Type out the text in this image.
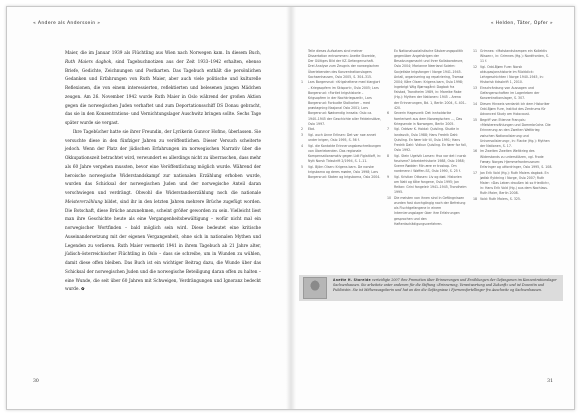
« Andere als Anderssein »

Maier, die im Januar 1939 als Flüchtling aus Wien nach Norwegen kam. In diesem Buch, Ruth Maiers dagbok, sind Tagebuchnotizen aus der Zeit 1933–1942 erhalten, ebenso Briefe, Gedichte, Zeichnungen und Postkarten. Das Tagebuch enthält die persönlichen Gedanken und Erfahrungen von Ruth Maier, aber auch viele politische und kulturelle Reflexionen, die von einem interessierten, reflektierten und belesenen jungen Mädchen zeugen. Am 26. November 1942 wurde Ruth Maier in Oslo während der großen Aktion gegen die norwegischen Juden verhaftet und zum Deportationsschiff DS Donau gebracht, das sie in den Konzentrations- und Vernichtungslager Auschwitz bringen sollte. Sechs Tage später wurde sie vergast.

Ihre Tagebücher hatte sie ihrer Freundin, der Lyrikerin Gunvor Hofmo, überlassen. Sie versuchte diese in den fünfziger Jahren zu veröffentlichen. Dieser Versuch scheiterte jedoch. Wenn der Platz der jüdischen Erfahrungen im norwegischen Narrativ über die Okkupationszeit betrachtet wird, verwundert es allerdings nicht zu überraschen, dass mehr als 60 Jahre vergehen mussten, bevor eine Veröffentlichung möglich wurde. Während der heroische norwegische Widerstandskampf zur nationalen Erzählung erhoben wurde, wurden das Schicksal der norwegischen Juden und der norwegische Anteil daran verschwiegen und verdrängt. Obwohl die Widerstandserzählung noch die nationale Meistererzählung bildet, sind ihr in den letzten Jahren mehrere Brüche zugefügt worden. Die Botschaft, diese Brüche anzunehmen, scheint größer geworden zu sein. Vielleicht liest man ihre Geschichte heute als eine Vergangenheitsbewältigung – wofür nicht mal ein norwegischer Wortfinden – bald möglich sein wird. Diese bedeutet eine kritische Auseinandersetzung mit der eigenen Vergangenheit, ohne sich in nationalen Mythen und Legenden zu verlieren. Ruth Maier vermerkt 1941 in ihrem Tagebuch ab 21 Jahre alter, jüdisch-österreichischer Flüchtling in Oslo – dass sie schreibe, um in Wunden zu wühlen, damit diese offen bleiben. Das Buch ist ein wichtiger Beitrag dazu, die Wunde über das Schicksal der norwegischen Juden und die norwegische Beteiligung daran offen zu halten – eine Wunde, die seit über 60 Jahren mit Schweigen, Verdrängungen und Ignoranz bedeckt wurde. ✿

30
« Helden, Täter, Opfer »
Teile dieses Aufsatzes sind meiner Dissertation entnommen: Anette Storeide, Der Gültiges Bild der KZ-Gefangenschaft. Drei Analyse zum Zeugnis der norwegischen Überlebenden des Konzentrationslagers Sachsenhausen, Oslo 2005, S. 304–315.
1 Lars Borgersrud: «Krigsheltene med klargjort – Kriegsopfern im Skisport», Oslo 2005; Lars Borgersrud: «Fortiet krigshistorie – Krigsopfern in der Nachkriegszeit», Lars Borgersrud: Forbudte Stolkarker – med prøvtagning Nasjonal Oslo 2001; Lars Borgersrud: Nødvendig innsats: Oslo ca. 1940–1945 der Geschichte aller Feldeinsätze, Oslo 1997.
2 Ebd.
3 Vgl. auch Anne Eriksen: Det var noe annet under krigen, Oslo 1995, S. 56 f.
4 Vgl. die Kontakte Erinnerungsbeschreibungen von Überlebenden. Das regionale Kompensationsmotiv gegen Lidt Figlaitloff, in: Nytt Norsk Tidsskrift 2/1994, S. 1–11.
5 Vgl. Björn Olsen: Krigens barn. De norske krigsbarna og deres mødre, Oslo 1998; Lars Borgersrud: Staten og krigsbarna, Oslo 2004.
Ex Nationalsozialistische Säuberungspolitik gegenüber Angehörigen der Besatzungsmacht und ihrer Kollaborateure, Oslo 2004; Marianne Neerland Soleim: Sovjetiske krigsfanger i Norge 1941–1945. Antall, organisering og repatriering, Tromsø 2004; Kåre Olsen: Krigens barn, Oslo 1998; Ingebrigt Wiig Bjørnsgård: Dagbok fra Falstad, Trondheim 1989, in: Mareike Rake (Hg.): Mythen der Nationen: 1945 – Arena der Erinnerungen, Bd. 1, Berlin 2004, S. 401–420.
6 Severin Hagesveit: Det innholdsrike foerlerisert aus dem Norwegischen …, Das Kriegsende in Norwegen, Berlin 2005.
7 Vgl. Oddvar K. Hoidal: Quisling. Studie in landssvik, Oslo 1988; Hans Fredrik Dahl: Quisling. En fører blir til, Oslo 1991; Hans Fredrik Dahl: Vidkun Quisling. En fører for fall, Oslo 1992.
8 Vgl. Stein Ugelvik Larsen: Hva var det i norsk fascisme? Arbeiderhistorie 1988, Oslo 1988; Sverre Rødder: Min ære er troskap. Om nordmenn i Waffen-SS, Oslo 1990, S. 25 f.
9 Vgl. Kristian Ottosen: Liv og død. Historien om Natt og tåke fangene, Oslo 1995; Jon Reitan: Grini fangeleir 1941–1945, Trondheim 1995.
10 Die meisten von ihnen sind in Gefängnissen wurden fast durchgängig nach der Befreiung als Fluchtgefangene in einem Internierungslager über ihre Erfahrungen gesprochen und den Haftentschädigungsverfahren.
11 Grimnes: «Motstandskampen ein Kollektiv Wissen», in: Grimnes (Hg.): Nordfronten, S. 11 f.
12 Vgl. Odd-Bjørn Fure: Norsk okkupasjonshistorie im Rückblick: Lehrgeschichten i Norge 1940–1945, in: Historisk tidsskrift 1, 2010.
13 Einschränkung von Aussagen und Gefangenschaften im Lagerleben der Konzentrationslager, S. 307.
14 Diesen Hinweis verdankt ich dem Historiker Odd-Bjørn Fure, Institut des Zentrums für Advanced Study am Holocaust.
15 Begriff von Etienne François: «Meistererzählungen und Dammbrüche. Die Erinnerung an den Zweiten Weltkrieg zwischen Nationalisierung und Universalisierung», in: Flacke (Hg.): Mythen der Nationen, S. 17.
16 Im Zweiten Zweiten Weltkrieg des Widerstands zu unterstützen, vgl. Frode Færøy: Norges Hjemmefrontmuseum: Erfaringer og utfordringer, Oslo 1995, S. 108.
17 Jan Erik Vold (Hg.): Ruth Maiers dagbok. En jødisk flyktning i Norge, Oslo 2007; Ruth Maier: «Das Leben draußen ist so friedlich», in: Hans Erik Vold (Hg.) aus dem Nachlass. Ruth Maier, Berlin 2008.
18 Vold: Ruth Maiers, S. 325.
Anette H. Storeide verteidigte 2007 ihre Promotion über Erinnerungen und Erzählungen der Gefangenen im Konzentrationslager Sachsenhausen. Sie arbeitete unter anderem für die Stiftung «Erinnerung, Verantwortung und Zukunft» und ist Dozentin und Publizistin. Sie ist Mitherausgeberin und hat an den die Gefängnisse i Fjernensfortellinger fra Auschwitz og Sachsenhausen.
31
